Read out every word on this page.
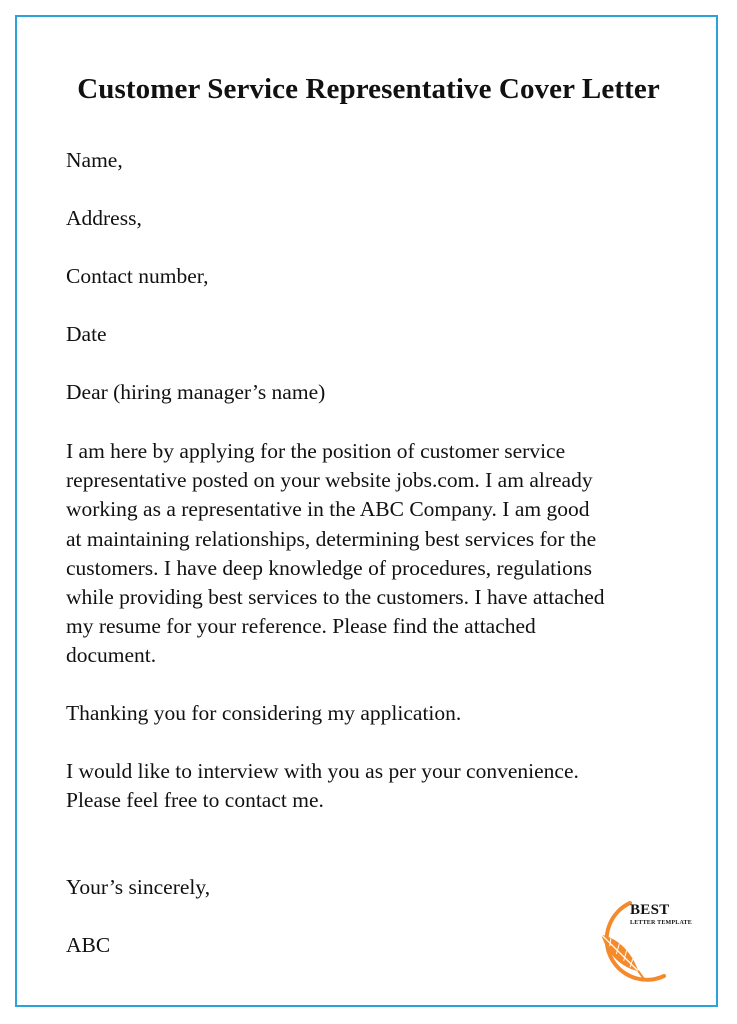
Customer Service Representative Cover Letter
Name,
Address,
Contact number,
Date
Dear (hiring manager’s name)
I am here by applying for the position of customer service
representative posted on your website jobs.com. I am already
working as a representative in the ABC Company. I am good
at maintaining relationships, determining best services for the
customers. I have deep knowledge of procedures, regulations
while providing best services to the customers. I have attached
my resume for your reference. Please find the attached
document.
Thanking you for considering my application.
I would like to interview with you as per your convenience.
Please feel free to contact me.
Your’s sincerely,
ABC
BEST
LETTER TEMPLATE
